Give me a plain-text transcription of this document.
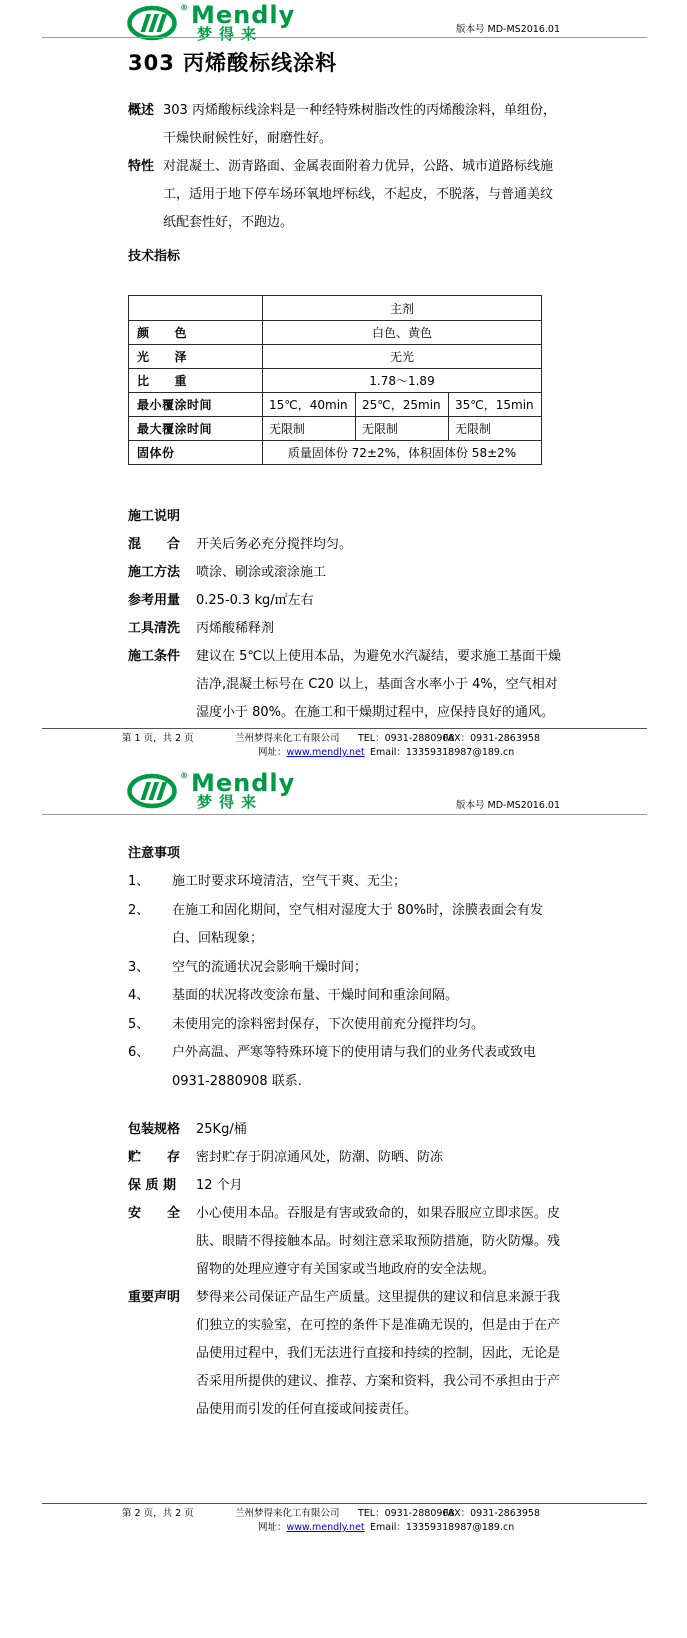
® Mendly
梦得来	版本号 MD-MS2016.01
303 丙烯酸标线涂料
概述 303 丙烯酸标线涂料是一种经特殊树脂改性的丙烯酸涂料，单组份，干燥快耐候性好，耐磨性好。
特性 对混凝土、沥青路面、金属表面附着力优异，公路、城市道路标线施工，适用于地下停车场环氧地坪标线，不起皮，不脱落，与普通美纹纸配套性好，不跑边。
技术指标
	主剂		
颜　　色	白色、黄色		
光　　泽	无光		
比　　重	1.78～1.89		
最小覆涂时间	15℃，40min	25℃，25min	35℃，15min
最大覆涂时间	无限制	无限制	无限制
固体份	质量固体份 72±2%，体积固体份 58±2%		
施工说明
混　　合	开关后务必充分搅拌均匀。
施工方法	喷涂、刷涂或滚涂施工
参考用量	0.25-0.3 kg/㎡左右
工具清洗	丙烯酸稀释剂
施工条件	建议在 5℃以上使用本品，为避免水汽凝结，要求施工基面干燥洁净,混凝土标号在 C20 以上，基面含水率小于 4%，空气相对湿度小于 80%。在施工和干燥期过程中，应保持良好的通风。
第 1 页，共 2 页	兰州梦得来化工有限公司 TEL：0931-2880908
FAX：0931-2863958
网址：www.mendly.net Email：13359318987@189.cn
® Mendly
梦得来	版本号 MD-MS2016.01
注意事项
1、	施工时要求环境清洁，空气干爽、无尘；
2、	在施工和固化期间，空气相对湿度大于 80%时，涂膜表面会有发白、回粘现象；
3、	空气的流通状况会影响干燥时间；
4、	基面的状况将改变涂布量、干燥时间和重涂间隔。
5、	未使用完的涂料密封保存，下次使用前充分搅拌均匀。
6、	户外高温、严寒等特殊环境下的使用请与我们的业务代表或致电 0931-2880908 联系.
包装规格	25Kg/桶
贮　　存	密封贮存于阴凉通风处，防潮、防晒、防冻
保 质 期	12 个月
安　　全	小心使用本品。吞服是有害或致命的，如果吞服应立即求医。皮肤、眼睛不得接触本品。时刻注意采取预防措施，防火防爆。残留物的处理应遵守有关国家或当地政府的安全法规。
重要声明	梦得来公司保证产品生产质量。这里提供的建议和信息来源于我们独立的实验室，在可控的条件下是准确无误的，但是由于在产品使用过程中，我们无法进行直接和持续的控制，因此，无论是否采用所提供的建议、推荐、方案和资料，我公司不承担由于产品使用而引发的任何直接或间接责任。
第 2 页，共 2 页	兰州梦得来化工有限公司 TEL：0931-2880908
FAX：0931-2863958
网址：www.mendly.net Email：13359318987@189.cn
